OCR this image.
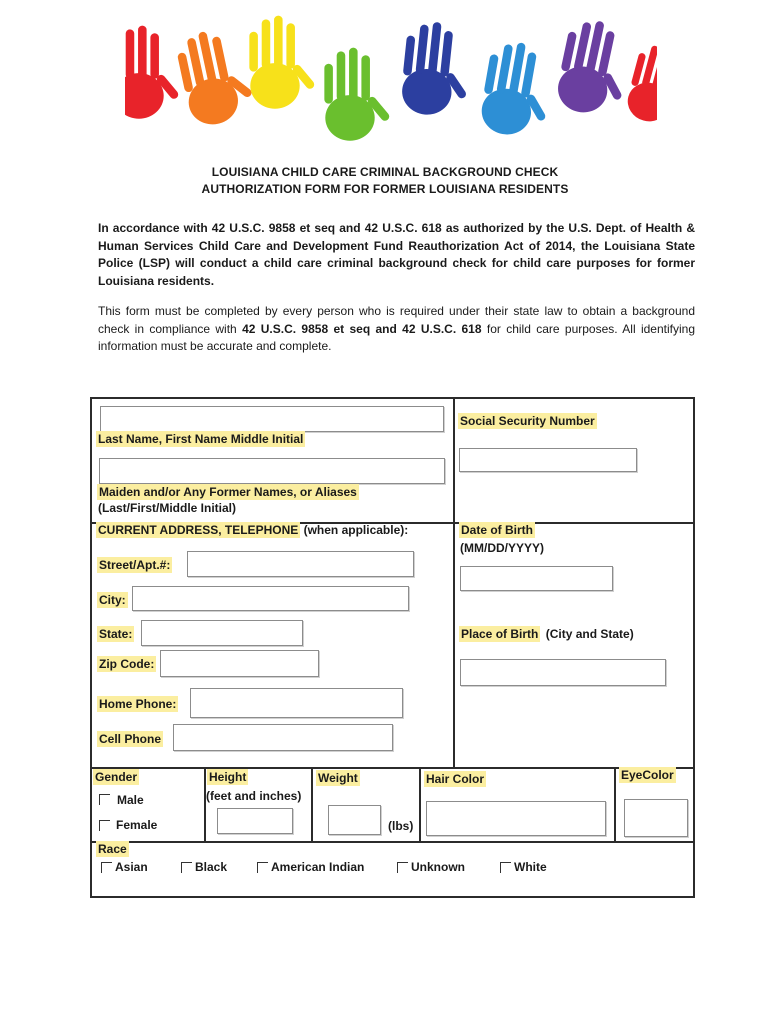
LOUISIANA CHILD CARE CRIMINAL BACKGROUND CHECK
AUTHORIZATION FORM FOR FORMER LOUISIANA RESIDENTS
In accordance with 42 U.S.C. 9858 et seq and 42 U.S.C. 618 as authorized by the U.S. Dept. of Health & Human Services Child Care and Development Fund Reauthorization Act of 2014, the Louisiana State Police (LSP) will conduct a child care criminal background check for child care purposes for former Louisiana residents.
This form must be completed by every person who is required under their state law to obtain a background check in compliance with 42 U.S.C. 9858 et seq and 42 U.S.C. 618 for child care purposes. All identifying information must be accurate and complete.
Last Name, First Name Middle Initial
Social Security Number
Maiden and/or Any Former Names, or Aliases
(Last/First/Middle Initial)
CURRENT ADDRESS, TELEPHONE (when applicable):
Street/Apt.#:
City:
State:
Zip Code:
Home Phone:
Cell Phone
Date of Birth
(MM/DD/YYYY)
Place of Birth (City and State)
Gender
Male
Female
Height
(feet and inches)
Weight
(lbs)
Hair Color	EyeColor
Race
Asian	Black	American Indian	Unknown	White
